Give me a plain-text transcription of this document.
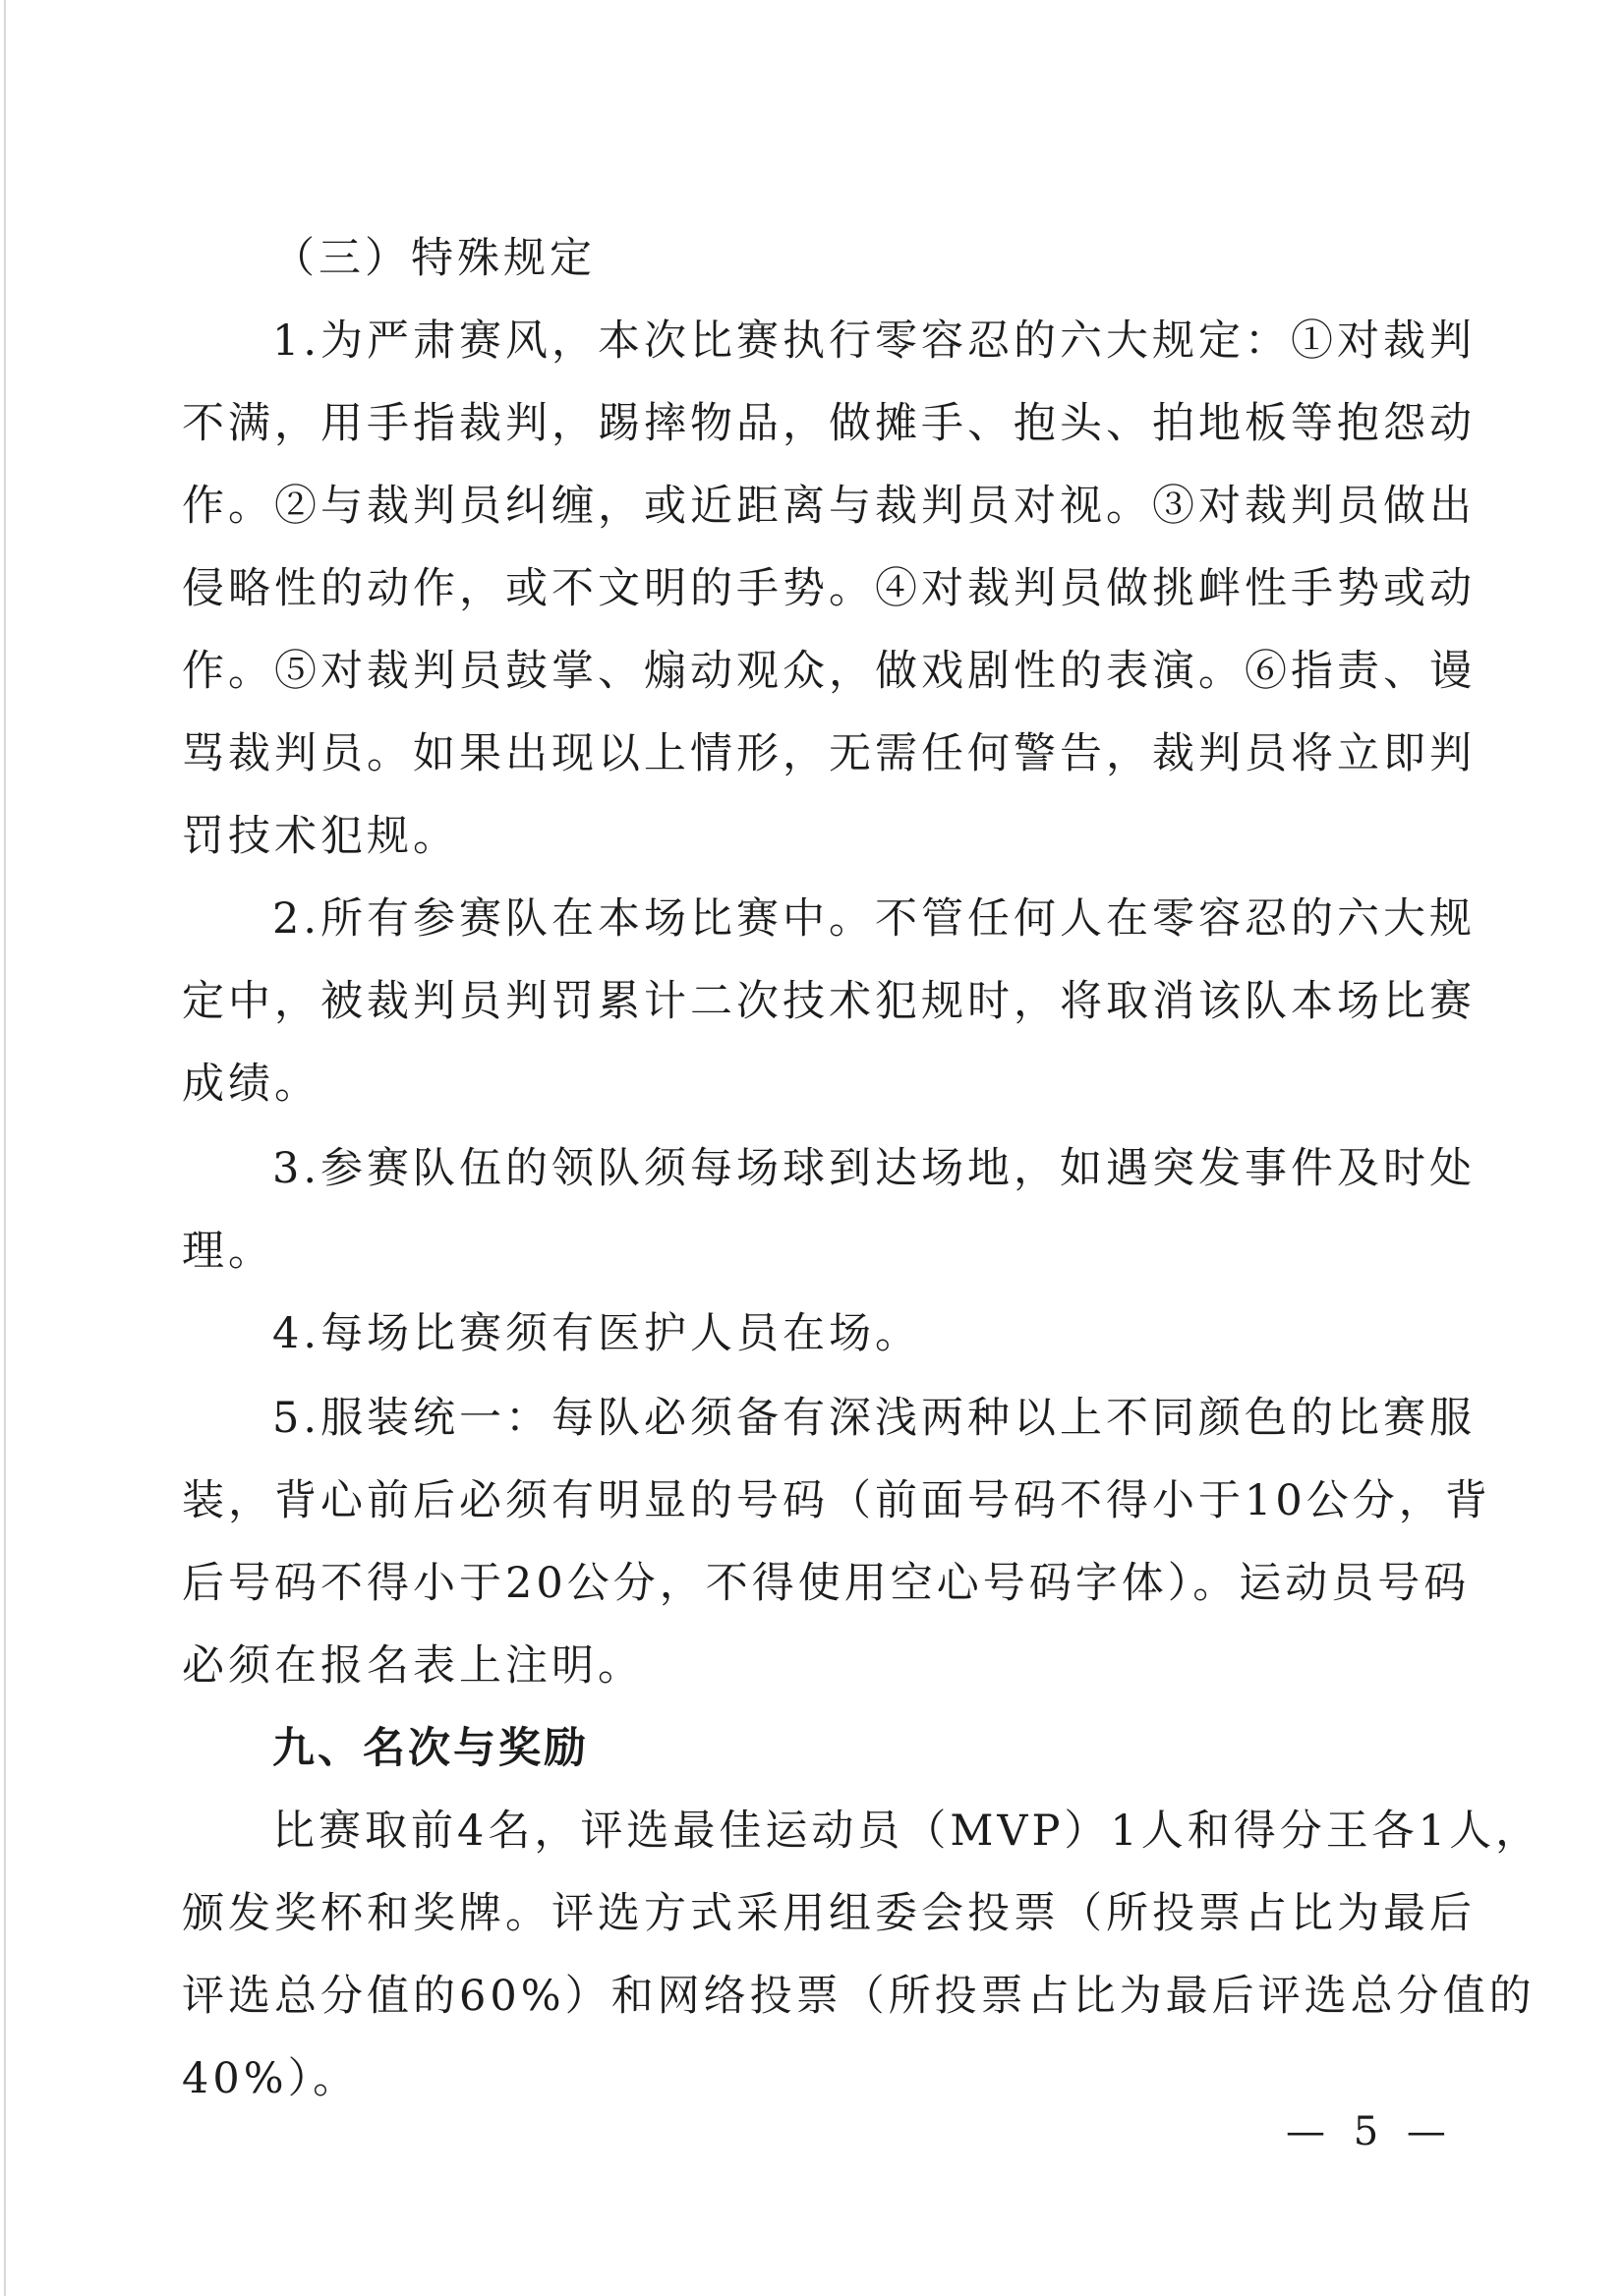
（三）特殊规定
1.为严肃赛风，本次比赛执行零容忍的六大规定：①对裁判
不满，用手指裁判，踢摔物品，做摊手、抱头、拍地板等抱怨动
作。②与裁判员纠缠，或近距离与裁判员对视。③对裁判员做出
侵略性的动作，或不文明的手势。④对裁判员做挑衅性手势或动
作。⑤对裁判员鼓掌、煽动观众，做戏剧性的表演。⑥指责、谩
骂裁判员。如果出现以上情形，无需任何警告，裁判员将立即判
罚技术犯规。
2.所有参赛队在本场比赛中。不管任何人在零容忍的六大规
定中，被裁判员判罚累计二次技术犯规时，将取消该队本场比赛
成绩。
3.参赛队伍的领队须每场球到达场地，如遇突发事件及时处
理。
4.每场比赛须有医护人员在场。
5.服装统一：每队必须备有深浅两种以上不同颜色的比赛服
装，背心前后必须有明显的号码（前面号码不得小于10公分，背
后号码不得小于20公分，不得使用空心号码字体）。运动员号码
必须在报名表上注明。
九、名次与奖励
比赛取前4名，评选最佳运动员（MVP）1人和得分王各1人，
颁发奖杯和奖牌。评选方式采用组委会投票（所投票占比为最后
评选总分值的60%）和网络投票（所投票占比为最后评选总分值的
40%）。
— 5 —
